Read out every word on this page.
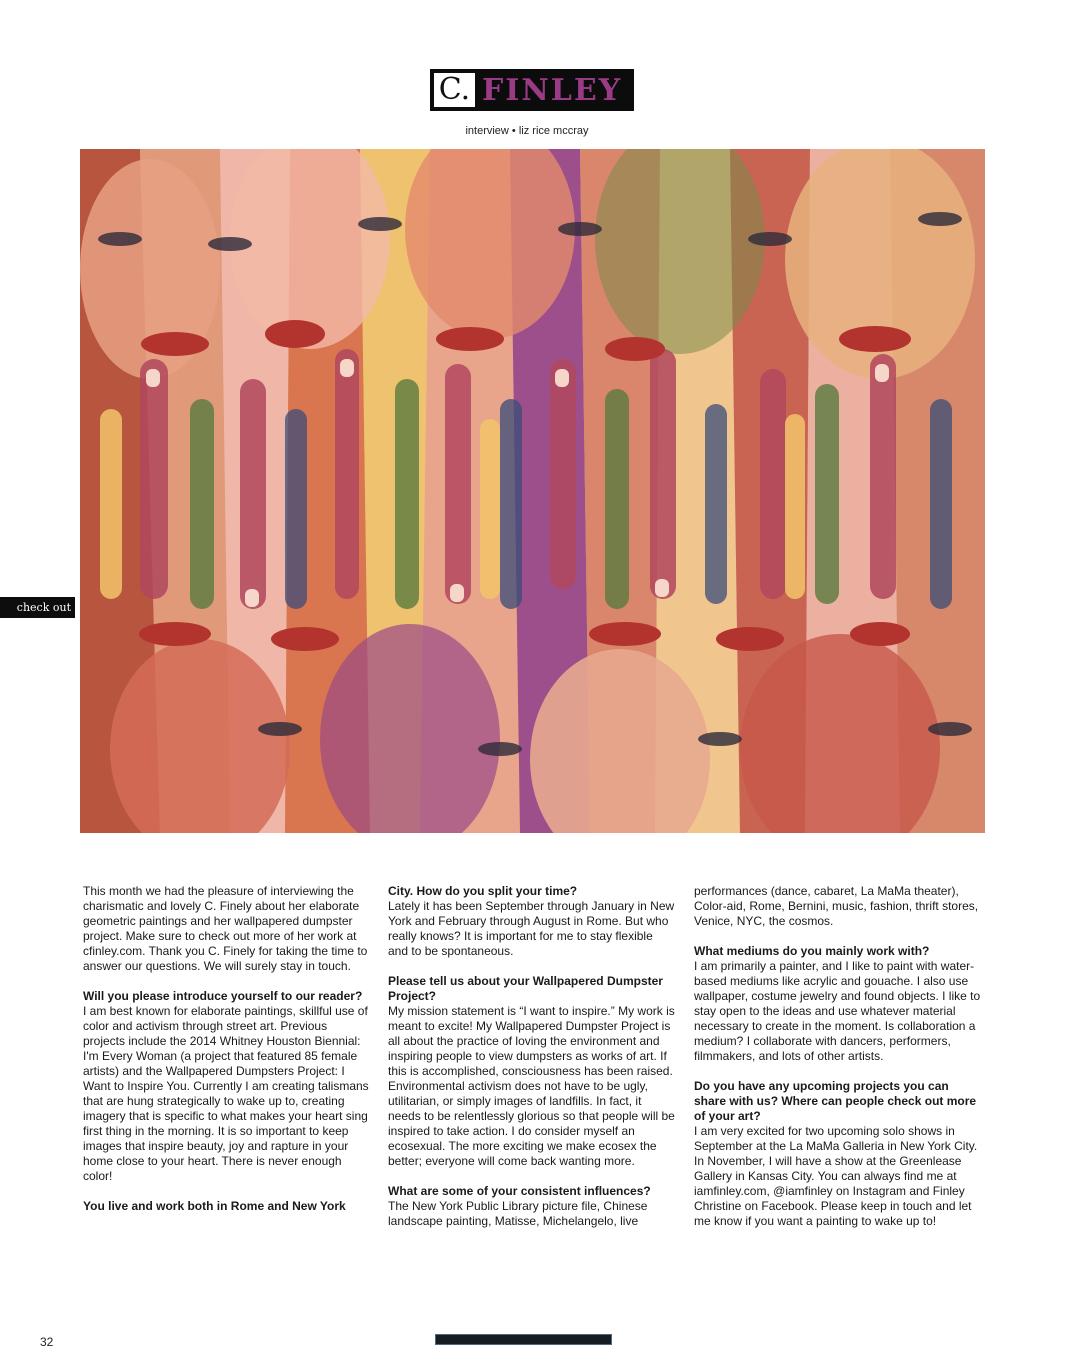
C. FINLEY
interview • liz rice mccray
check out

This month we had the pleasure of interviewing the charismatic and lovely C. Finely about her elaborate geometric paintings and her wallpapered dumpster project. Make sure to check out more of her work at cfinley.com. Thank you C. Finely for taking the time to answer our questions. We will surely stay in touch.

Will you please introduce yourself to our reader?

I am best known for elaborate paintings, skillful use of color and activism through street art. Previous projects include the 2014 Whitney Houston Biennial: I'm Every Woman (a project that featured 85 female artists) and the Wallpapered Dumpsters Project: I Want to Inspire You. Currently I am creating talismans that are hung strategically to wake up to, creating imagery that is specific to what makes your heart sing first thing in the morning. It is so important to keep images that inspire beauty, joy and rapture in your home close to your heart. There is never enough color!

You live and work both in Rome and New York

City. How do you split your time?

Lately it has been September through January in New York and February through August in Rome. But who really knows? It is important for me to stay flexible and to be spontaneous.

Please tell us about your Wallpapered Dumpster Project?

My mission statement is “I want to inspire.” My work is meant to excite! My Wallpapered Dumpster Project is all about the practice of loving the environment and inspiring people to view dumpsters as works of art. If this is accomplished, consciousness has been raised. Environmental activism does not have to be ugly, utilitarian, or simply images of landfills. In fact, it needs to be relentlessly glorious so that people will be inspired to take action. I do consider myself an ecosexual. The more exciting we make ecosex the better; everyone will come back wanting more.

What are some of your consistent influences?

The New York Public Library picture file, Chinese landscape painting, Matisse, Michelangelo, live

performances (dance, cabaret, La MaMa theater), Color-aid, Rome, Bernini, music, fashion, thrift stores, Venice, NYC, the cosmos.

What mediums do you mainly work with?

I am primarily a painter, and I like to paint with water-based mediums like acrylic and gouache. I also use wallpaper, costume jewelry and found objects. I like to stay open to the ideas and use whatever material necessary to create in the moment. Is collaboration a medium? I collaborate with dancers, performers, filmmakers, and lots of other artists.

Do you have any upcoming projects you can share with us? Where can people check out more of your art?

I am very excited for two upcoming solo shows in September at the La MaMa Galleria in New York City. In November, I will have a show at the Greenlease Gallery in Kansas City. You can always find me at iamfinley.com, @iamfinley on Instagram and Finley Christine on Facebook. Please keep in touch and let me know if you want a painting to wake up to!

32
